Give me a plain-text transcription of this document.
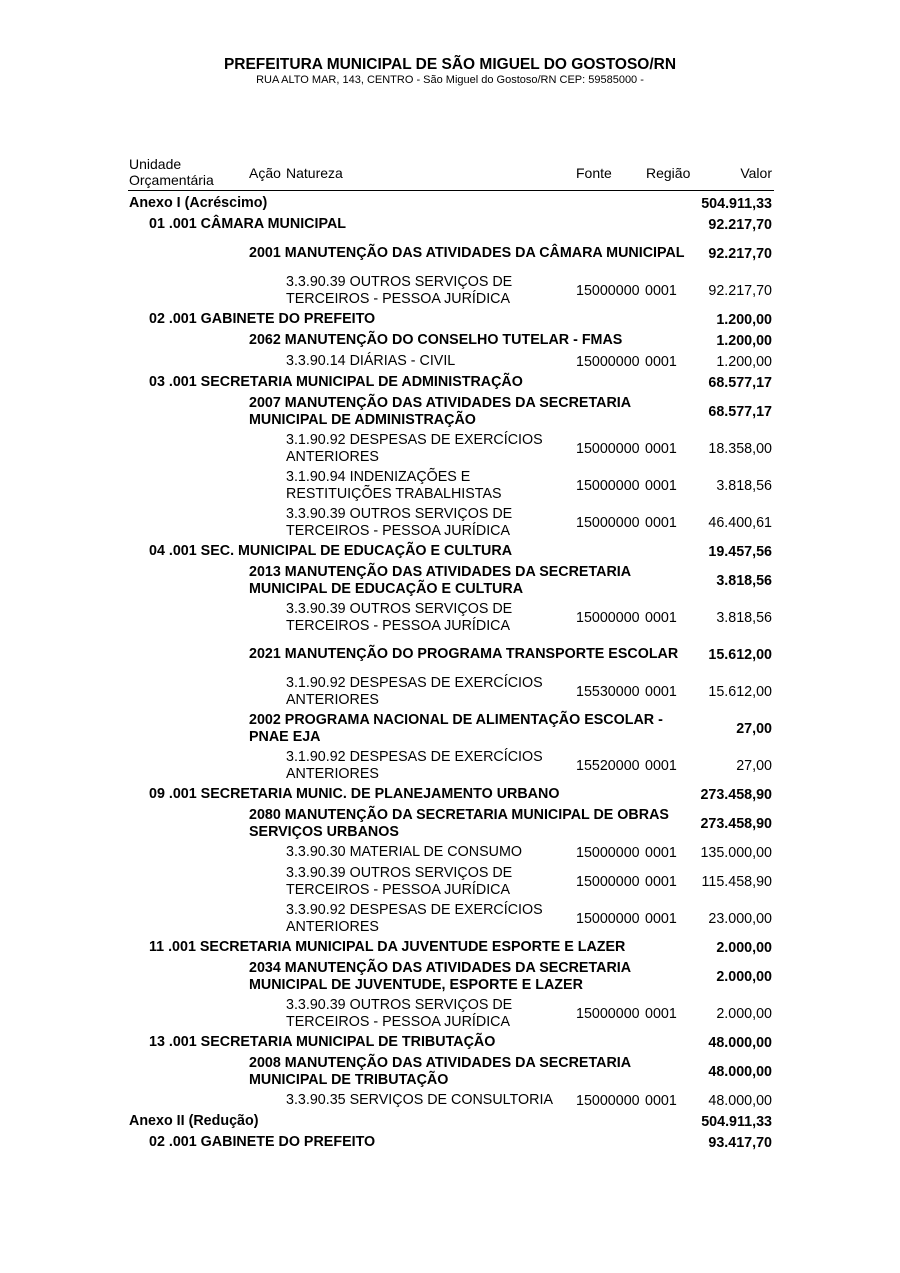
PREFEITURA MUNICIPAL DE SÃO MIGUEL DO GOSTOSO/RN
RUA ALTO MAR, 143, CENTRO - São Miguel do Gostoso/RN CEP: 59585000 -
Unidade
Orçamentária	Ação Natureza	Fonte Região	Valor
Anexo I (Acréscimo)	504.911,33
01 .001 CÂMARA MUNICIPAL	92.217,70
2001 MANUTENÇÃO DAS ATIVIDADES DA CÂMARA MUNICIPAL	92.217,70
3.3.90.39 OUTROS SERVIÇOS DE TERCEIROS - PESSOA JURÍDICA	15000000 0001 92.217,70
02 .001 GABINETE DO PREFEITO	1.200,00
2062 MANUTENÇÃO DO CONSELHO TUTELAR - FMAS	1.200,00
3.3.90.14 DIÁRIAS - CIVIL	15000000 0001	1.200,00
03 .001 SECRETARIA MUNICIPAL DE ADMINISTRAÇÃO	68.577,17
2007 MANUTENÇÃO DAS ATIVIDADES DA SECRETARIA MUNICIPAL DE ADMINISTRAÇÃO	68.577,17
3.1.90.92 DESPESAS DE EXERCÍCIOS ANTERIORES	15000000 0001 18.358,00
3.1.90.94 INDENIZAÇÕES E RESTITUIÇÕES TRABALHISTAS	15000000 0001	3.818,56
3.3.90.39 OUTROS SERVIÇOS DE TERCEIROS - PESSOA JURÍDICA	15000000 0001 46.400,61
04 .001 SEC. MUNICIPAL DE EDUCAÇÃO E CULTURA	19.457,56
2013 MANUTENÇÃO DAS ATIVIDADES DA SECRETARIA MUNICIPAL DE EDUCAÇÃO E CULTURA	3.818,56
3.3.90.39 OUTROS SERVIÇOS DE TERCEIROS - PESSOA JURÍDICA	15000000 0001	3.818,56
2021 MANUTENÇÃO DO PROGRAMA TRANSPORTE ESCOLAR	15.612,00
3.1.90.92 DESPESAS DE EXERCÍCIOS ANTERIORES	15530000 0001 15.612,00
2002 PROGRAMA NACIONAL DE ALIMENTAÇÃO ESCOLAR - PNAE EJA	27,00
3.1.90.92 DESPESAS DE EXERCÍCIOS ANTERIORES	15520000 0001	27,00
09 .001 SECRETARIA MUNIC. DE PLANEJAMENTO URBANO	273.458,90
2080 MANUTENÇÃO DA SECRETARIA MUNICIPAL DE OBRAS SERVIÇOS URBANOS	273.458,90
3.3.90.30 MATERIAL DE CONSUMO	15000000 0001 135.000,00
3.3.90.39 OUTROS SERVIÇOS DE TERCEIROS - PESSOA JURÍDICA	15000000 0001 115.458,90
3.3.90.92 DESPESAS DE EXERCÍCIOS ANTERIORES	15000000 0001 23.000,00
11 .001 SECRETARIA MUNICIPAL DA JUVENTUDE ESPORTE E LAZER	2.000,00
2034 MANUTENÇÃO DAS ATIVIDADES DA SECRETARIA MUNICIPAL DE JUVENTUDE, ESPORTE E LAZER	2.000,00
3.3.90.39 OUTROS SERVIÇOS DE TERCEIROS - PESSOA JURÍDICA	15000000 0001	2.000,00
13 .001 SECRETARIA MUNICIPAL DE TRIBUTAÇÃO	48.000,00
2008 MANUTENÇÃO DAS ATIVIDADES DA SECRETARIA MUNICIPAL DE TRIBUTAÇÃO	48.000,00
3.3.90.35 SERVIÇOS DE CONSULTORIA	15000000 0001 48.000,00
Anexo II (Redução)	504.911,33
02 .001 GABINETE DO PREFEITO	93.417,70
